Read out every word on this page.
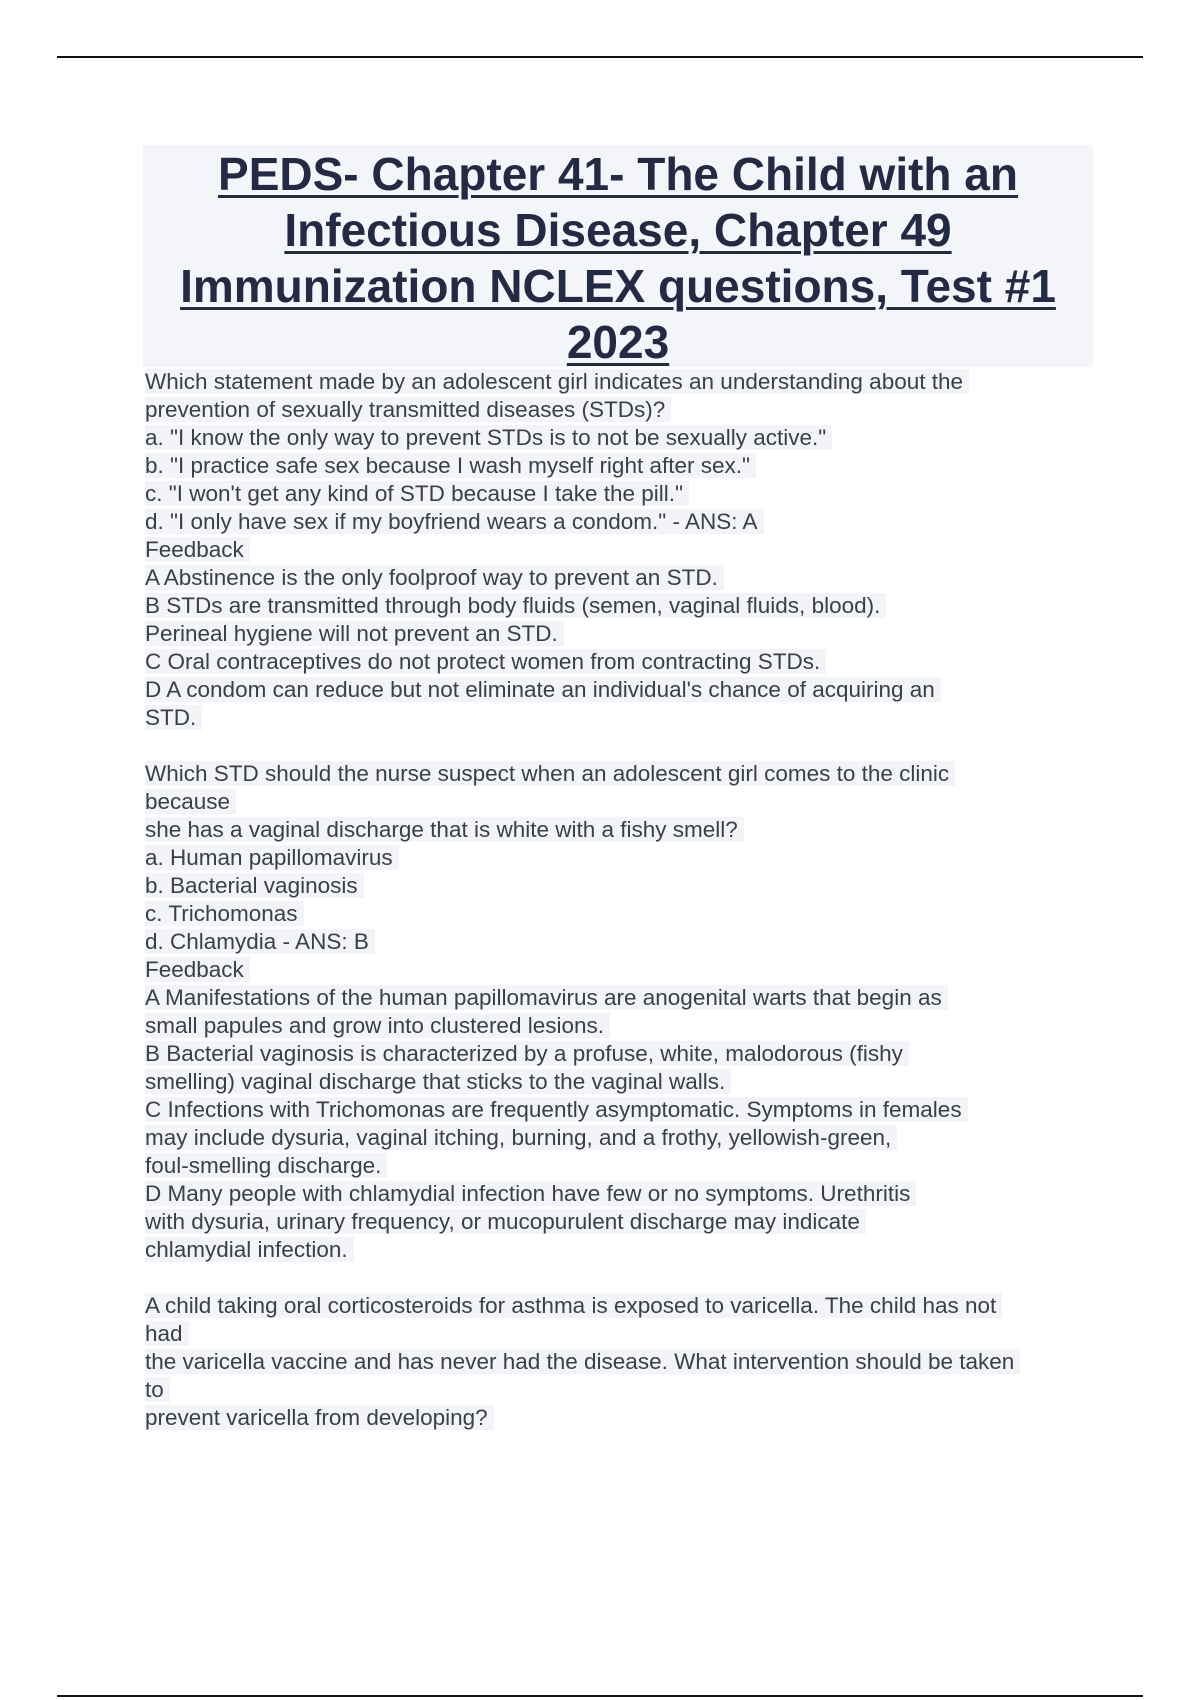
PEDS- Chapter 41- The Child with an
Infectious Disease, Chapter 49
Immunization NCLEX questions, Test #1
2023
Which statement made by an adolescent girl indicates an understanding about the
prevention of sexually transmitted diseases (STDs)?
a. "I know the only way to prevent STDs is to not be sexually active."
b. "I practice safe sex because I wash myself right after sex."
c. "I won't get any kind of STD because I take the pill."
d. "I only have sex if my boyfriend wears a condom." - ANS: A
Feedback
A Abstinence is the only foolproof way to prevent an STD.
B STDs are transmitted through body fluids (semen, vaginal fluids, blood).
Perineal hygiene will not prevent an STD.
C Oral contraceptives do not protect women from contracting STDs.
D A condom can reduce but not eliminate an individual's chance of acquiring an
STD.
Which STD should the nurse suspect when an adolescent girl comes to the clinic
because
she has a vaginal discharge that is white with a fishy smell?
a. Human papillomavirus
b. Bacterial vaginosis
c. Trichomonas
d. Chlamydia - ANS: B
Feedback
A Manifestations of the human papillomavirus are anogenital warts that begin as
small papules and grow into clustered lesions.
B Bacterial vaginosis is characterized by a profuse, white, malodorous (fishy
smelling) vaginal discharge that sticks to the vaginal walls.
C Infections with Trichomonas are frequently asymptomatic. Symptoms in females
may include dysuria, vaginal itching, burning, and a frothy, yellowish-green,
foul-smelling discharge.
D Many people with chlamydial infection have few or no symptoms. Urethritis
with dysuria, urinary frequency, or mucopurulent discharge may indicate
chlamydial infection.
A child taking oral corticosteroids for asthma is exposed to varicella. The child has not
had
the varicella vaccine and has never had the disease. What intervention should be taken
to
prevent varicella from developing?
